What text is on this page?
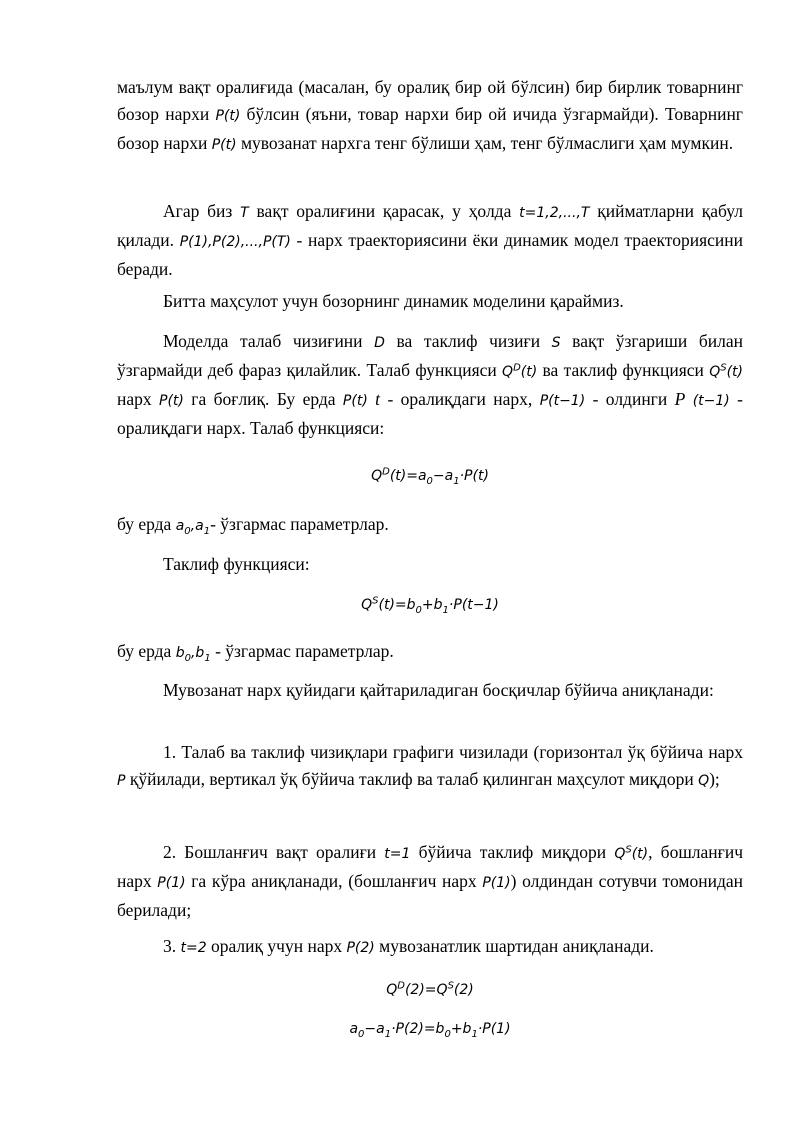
маълум вақт оралиғида (масалан, бу оралиқ бир ой бўлсин) бир бирлик товарнинг бозор нархи P(t) бўлсин (яъни, товар нархи бир ой ичида ўзгармайди). Товарнинг бозор нархи P(t) мувозанат нархга тенг бўлиши ҳам, тенг бўлмаслиги ҳам мумкин.

Агар биз T вақт оралиғини қарасак, у ҳолда t=1,2,...,T қийматларни қабул қилади. P(1),P(2),...,P(T) - нарх траекториясини ёки динамик модел траекториясини беради.

Битта маҳсулот учун бозорнинг динамик моделини қараймиз.

Моделда талаб чизиғини D ва таклиф чизиғи S вақт ўзгариши билан ўзгармайди деб фараз қилайлик. Талаб функцияси $Q^D(t)$ ва таклиф функцияси $Q^S(t)$ нарх P(t) га боғлиқ. Бу ерда P(t) t - оралиқдаги нарх, P(t−1) - олдинги P (t−1) - оралиқдаги нарх. Талаб функцияси:

$Q^D(t)=a_0-a_1\cdot P(t)$

бу ерда $a_0,a_1-$ ўзгармас параметрлар.

Таклиф функцияси:

$Q^S(t)=b_0+b_1\cdot P(t-1)$

бу ерда $b_0,b_1$ - ўзгармас параметрлар.

Мувозанат нарх қуйидаги қайтариладиган босқичлар бўйича аниқланади:

1. Талаб ва таклиф чизиқлари графиги чизилади (горизонтал ўқ бўйича нарх P қўйилади, вертикал ўқ бўйича таклиф ва талаб қилинган маҳсулот миқдори Q);

2. Бошланғич вақт оралиғи t=1 бўйича таклиф миқдори $Q^S(t)$, бошланғич нарх P(1) га кўра аниқланади, (бошланғич нарх P(1)) олдиндан сотувчи томонидан берилади;

3. t=2 оралиқ учун нарх P(2) мувозанатлик шартидан аниқланади.

$Q^D(2)=Q^S(2)$

$a_0-a_1\cdot P(2)=b_0+b_1\cdot P(1)$
